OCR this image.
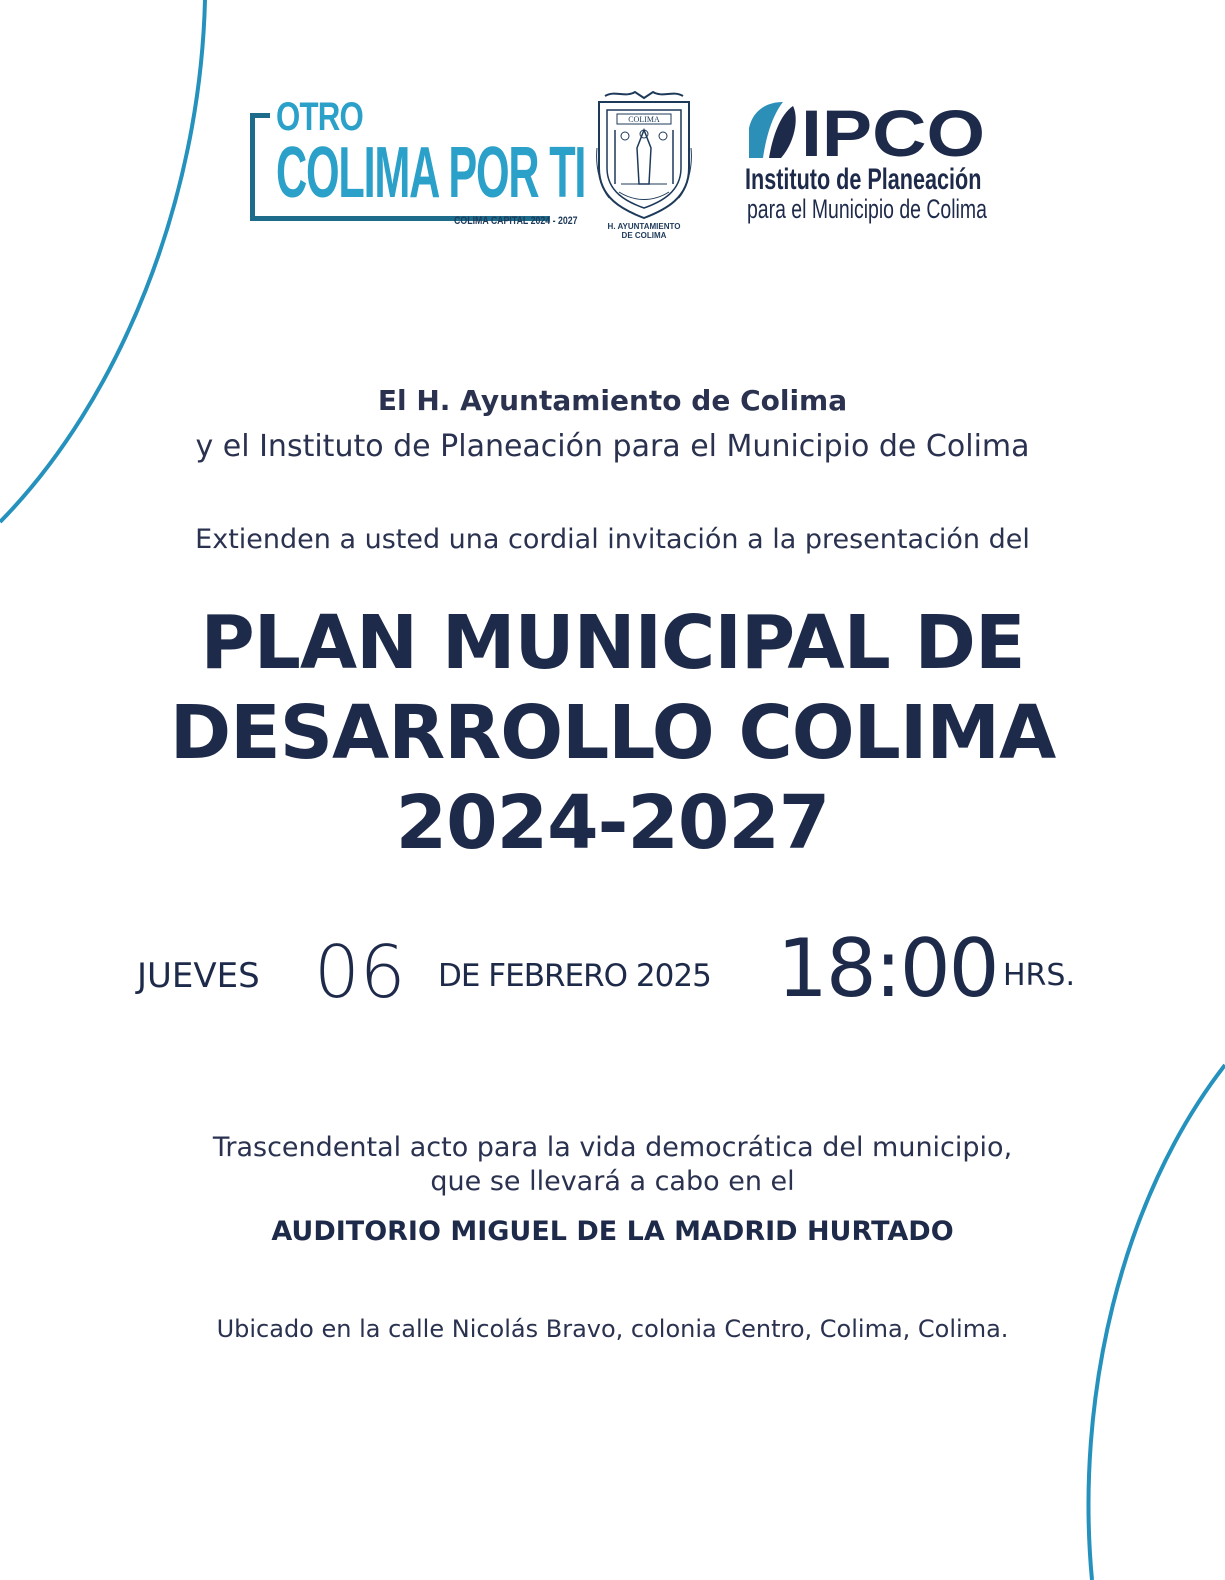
OTRO
COLIMA POR TI
COLIMA CAPITAL 2024 - 2027
COLIMA
H. AYUNTAMIENTO
DE COLIMA
IPCO
Instituto de Planeación
para el Municipio de Colima
El H. Ayuntamiento de Colima
y el Instituto de Planeación para el Municipio de Colima
Extienden a usted una cordial invitación a la presentación del
PLAN MUNICIPAL DE
DESARROLLO COLIMA
2024-2027
JUEVES 06 DE FEBRERO 2025 18:00 HRS.
Trascendental acto para la vida democrática del municipio,
que se llevará a cabo en el
AUDITORIO MIGUEL DE LA MADRID HURTADO
Ubicado en la calle Nicolás Bravo, colonia Centro, Colima, Colima.
